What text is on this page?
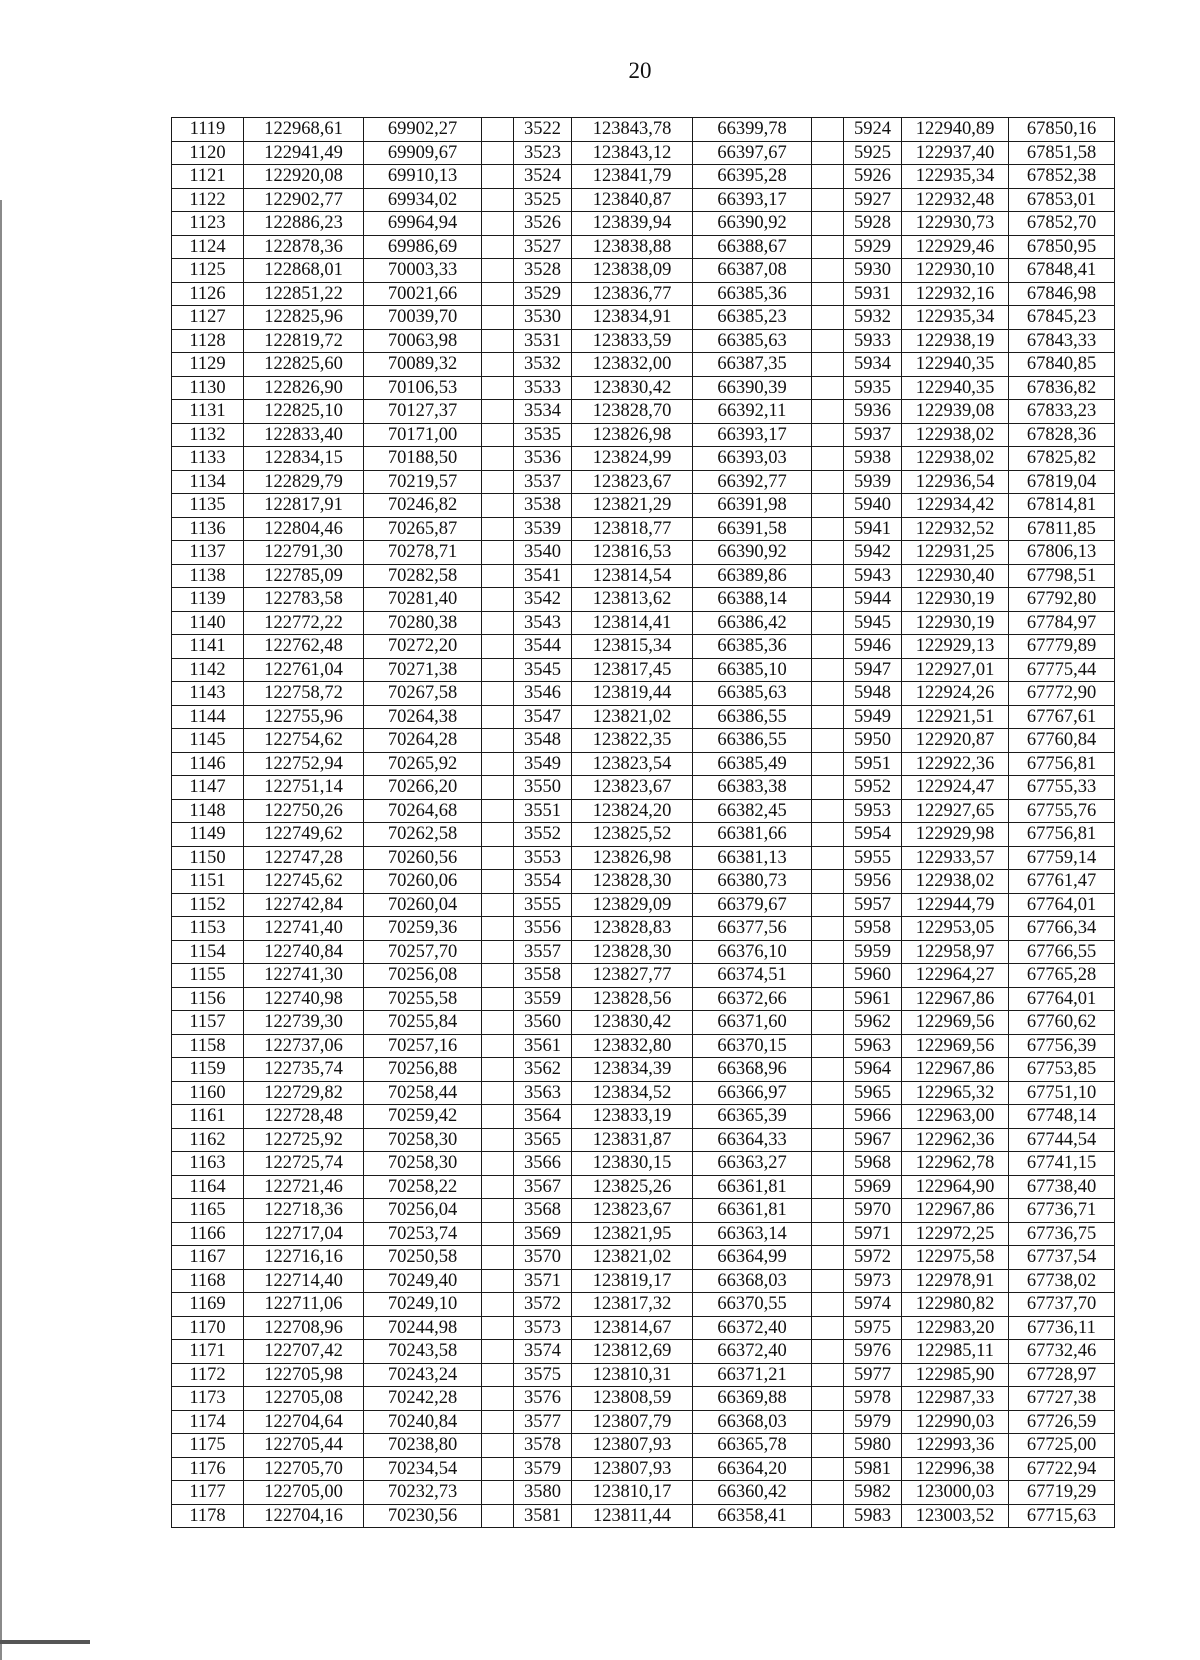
20
1119	122968,61	69902,27		3522	123843,78	66399,78		5924	122940,89	67850,16
1120	122941,49	69909,67		3523	123843,12	66397,67		5925	122937,40	67851,58
1121	122920,08	69910,13		3524	123841,79	66395,28		5926	122935,34	67852,38
1122	122902,77	69934,02		3525	123840,87	66393,17		5927	122932,48	67853,01
1123	122886,23	69964,94		3526	123839,94	66390,92		5928	122930,73	67852,70
1124	122878,36	69986,69		3527	123838,88	66388,67		5929	122929,46	67850,95
1125	122868,01	70003,33		3528	123838,09	66387,08		5930	122930,10	67848,41
1126	122851,22	70021,66		3529	123836,77	66385,36		5931	122932,16	67846,98
1127	122825,96	70039,70		3530	123834,91	66385,23		5932	122935,34	67845,23
1128	122819,72	70063,98		3531	123833,59	66385,63		5933	122938,19	67843,33
1129	122825,60	70089,32		3532	123832,00	66387,35		5934	122940,35	67840,85
1130	122826,90	70106,53		3533	123830,42	66390,39		5935	122940,35	67836,82
1131	122825,10	70127,37		3534	123828,70	66392,11		5936	122939,08	67833,23
1132	122833,40	70171,00		3535	123826,98	66393,17		5937	122938,02	67828,36
1133	122834,15	70188,50		3536	123824,99	66393,03		5938	122938,02	67825,82
1134	122829,79	70219,57		3537	123823,67	66392,77		5939	122936,54	67819,04
1135	122817,91	70246,82		3538	123821,29	66391,98		5940	122934,42	67814,81
1136	122804,46	70265,87		3539	123818,77	66391,58		5941	122932,52	67811,85
1137	122791,30	70278,71		3540	123816,53	66390,92		5942	122931,25	67806,13
1138	122785,09	70282,58		3541	123814,54	66389,86		5943	122930,40	67798,51
1139	122783,58	70281,40		3542	123813,62	66388,14		5944	122930,19	67792,80
1140	122772,22	70280,38		3543	123814,41	66386,42		5945	122930,19	67784,97
1141	122762,48	70272,20		3544	123815,34	66385,36		5946	122929,13	67779,89
1142	122761,04	70271,38		3545	123817,45	66385,10		5947	122927,01	67775,44
1143	122758,72	70267,58		3546	123819,44	66385,63		5948	122924,26	67772,90
1144	122755,96	70264,38		3547	123821,02	66386,55		5949	122921,51	67767,61
1145	122754,62	70264,28		3548	123822,35	66386,55		5950	122920,87	67760,84
1146	122752,94	70265,92		3549	123823,54	66385,49		5951	122922,36	67756,81
1147	122751,14	70266,20		3550	123823,67	66383,38		5952	122924,47	67755,33
1148	122750,26	70264,68		3551	123824,20	66382,45		5953	122927,65	67755,76
1149	122749,62	70262,58		3552	123825,52	66381,66		5954	122929,98	67756,81
1150	122747,28	70260,56		3553	123826,98	66381,13		5955	122933,57	67759,14
1151	122745,62	70260,06		3554	123828,30	66380,73		5956	122938,02	67761,47
1152	122742,84	70260,04		3555	123829,09	66379,67		5957	122944,79	67764,01
1153	122741,40	70259,36		3556	123828,83	66377,56		5958	122953,05	67766,34
1154	122740,84	70257,70		3557	123828,30	66376,10		5959	122958,97	67766,55
1155	122741,30	70256,08		3558	123827,77	66374,51		5960	122964,27	67765,28
1156	122740,98	70255,58		3559	123828,56	66372,66		5961	122967,86	67764,01
1157	122739,30	70255,84		3560	123830,42	66371,60		5962	122969,56	67760,62
1158	122737,06	70257,16		3561	123832,80	66370,15		5963	122969,56	67756,39
1159	122735,74	70256,88		3562	123834,39	66368,96		5964	122967,86	67753,85
1160	122729,82	70258,44		3563	123834,52	66366,97		5965	122965,32	67751,10
1161	122728,48	70259,42		3564	123833,19	66365,39		5966	122963,00	67748,14
1162	122725,92	70258,30		3565	123831,87	66364,33		5967	122962,36	67744,54
1163	122725,74	70258,30		3566	123830,15	66363,27		5968	122962,78	67741,15
1164	122721,46	70258,22		3567	123825,26	66361,81		5969	122964,90	67738,40
1165	122718,36	70256,04		3568	123823,67	66361,81		5970	122967,86	67736,71
1166	122717,04	70253,74		3569	123821,95	66363,14		5971	122972,25	67736,75
1167	122716,16	70250,58		3570	123821,02	66364,99		5972	122975,58	67737,54
1168	122714,40	70249,40		3571	123819,17	66368,03		5973	122978,91	67738,02
1169	122711,06	70249,10		3572	123817,32	66370,55		5974	122980,82	67737,70
1170	122708,96	70244,98		3573	123814,67	66372,40		5975	122983,20	67736,11
1171	122707,42	70243,58		3574	123812,69	66372,40		5976	122985,11	67732,46
1172	122705,98	70243,24		3575	123810,31	66371,21		5977	122985,90	67728,97
1173	122705,08	70242,28		3576	123808,59	66369,88		5978	122987,33	67727,38
1174	122704,64	70240,84		3577	123807,79	66368,03		5979	122990,03	67726,59
1175	122705,44	70238,80		3578	123807,93	66365,78		5980	122993,36	67725,00
1176	122705,70	70234,54		3579	123807,93	66364,20		5981	122996,38	67722,94
1177	122705,00	70232,73		3580	123810,17	66360,42		5982	123000,03	67719,29
1178	122704,16	70230,56		3581	123811,44	66358,41		5983	123003,52	67715,63
